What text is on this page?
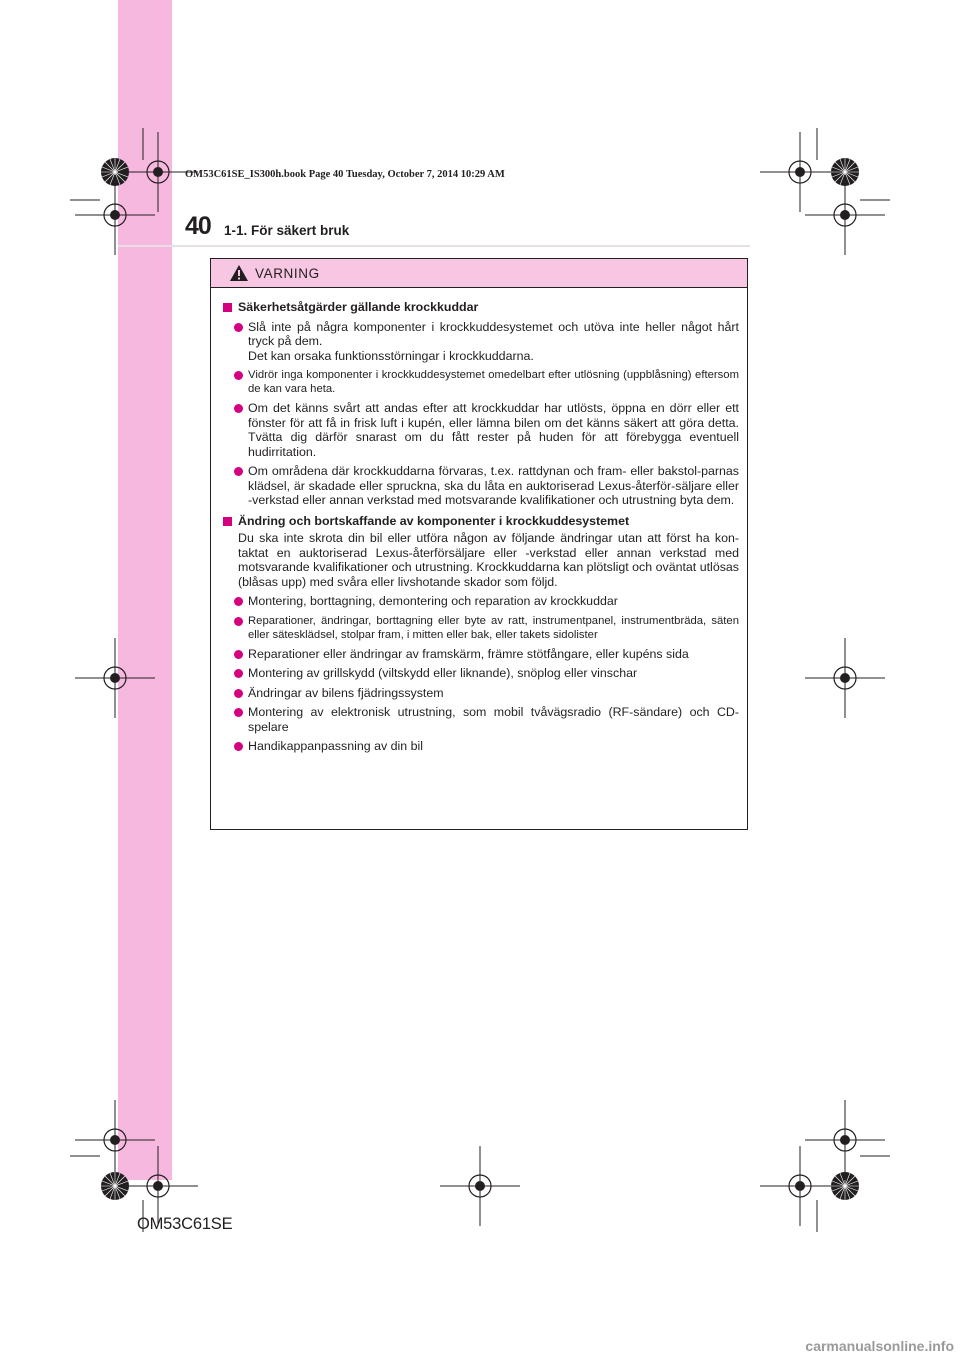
OM53C61SE_IS300h.book Page 40 Tuesday, October 7, 2014 10:29 AM
40 1-1. För säkert bruk
VARNING
Säkerhetsåtgärder gällande krockkuddar
Slå inte på några komponenter i krockkuddesystemet och utöva inte heller något hårt tryck på dem.
Det kan orsaka funktionsstörningar i krockkuddarna.
Vidrör inga komponenter i krockkuddesystemet omedelbart efter utlösning (uppblåsning) eftersom de kan vara heta.
Om det känns svårt att andas efter att krockkuddar har utlösts, öppna en dörr eller ett fönster för att få in frisk luft i kupén, eller lämna bilen om det känns säkert att göra detta. Tvätta dig därför snarast om du fått rester på huden för att förebygga eventuell hudirritation.
Om områdena där krockkuddarna förvaras, t.ex. rattdynan och fram- eller bakstol-parnas klädsel, är skadade eller spruckna, ska du låta en auktoriserad Lexus-återför-säljare eller -verkstad eller annan verkstad med motsvarande kvalifikationer och utrustning byta dem.
Ändring och bortskaffande av komponenter i krockkuddesystemet
Du ska inte skrota din bil eller utföra någon av följande ändringar utan att först ha kon-taktat en auktoriserad Lexus-återförsäljare eller -verkstad eller annan verkstad med motsvarande kvalifikationer och utrustning. Krockkuddarna kan plötsligt och oväntat utlösas (blåsas upp) med svåra eller livshotande skador som följd.
Montering, borttagning, demontering och reparation av krockkuddar
Reparationer, ändringar, borttagning eller byte av ratt, instrumentpanel, instrumentbräda, säten eller sätesklädsel, stolpar fram, i mitten eller bak, eller takets sidolister
Reparationer eller ändringar av framskärm, främre stötfångare, eller kupéns sida
Montering av grillskydd (viltskydd eller liknande), snöplog eller vinschar
Ändringar av bilens fjädringssystem
Montering av elektronisk utrustning, som mobil tvåvägsradio (RF-sändare) och CD-spelare
Handikappanpassning av din bil
OM53C61SE
carmanualsonline.info
